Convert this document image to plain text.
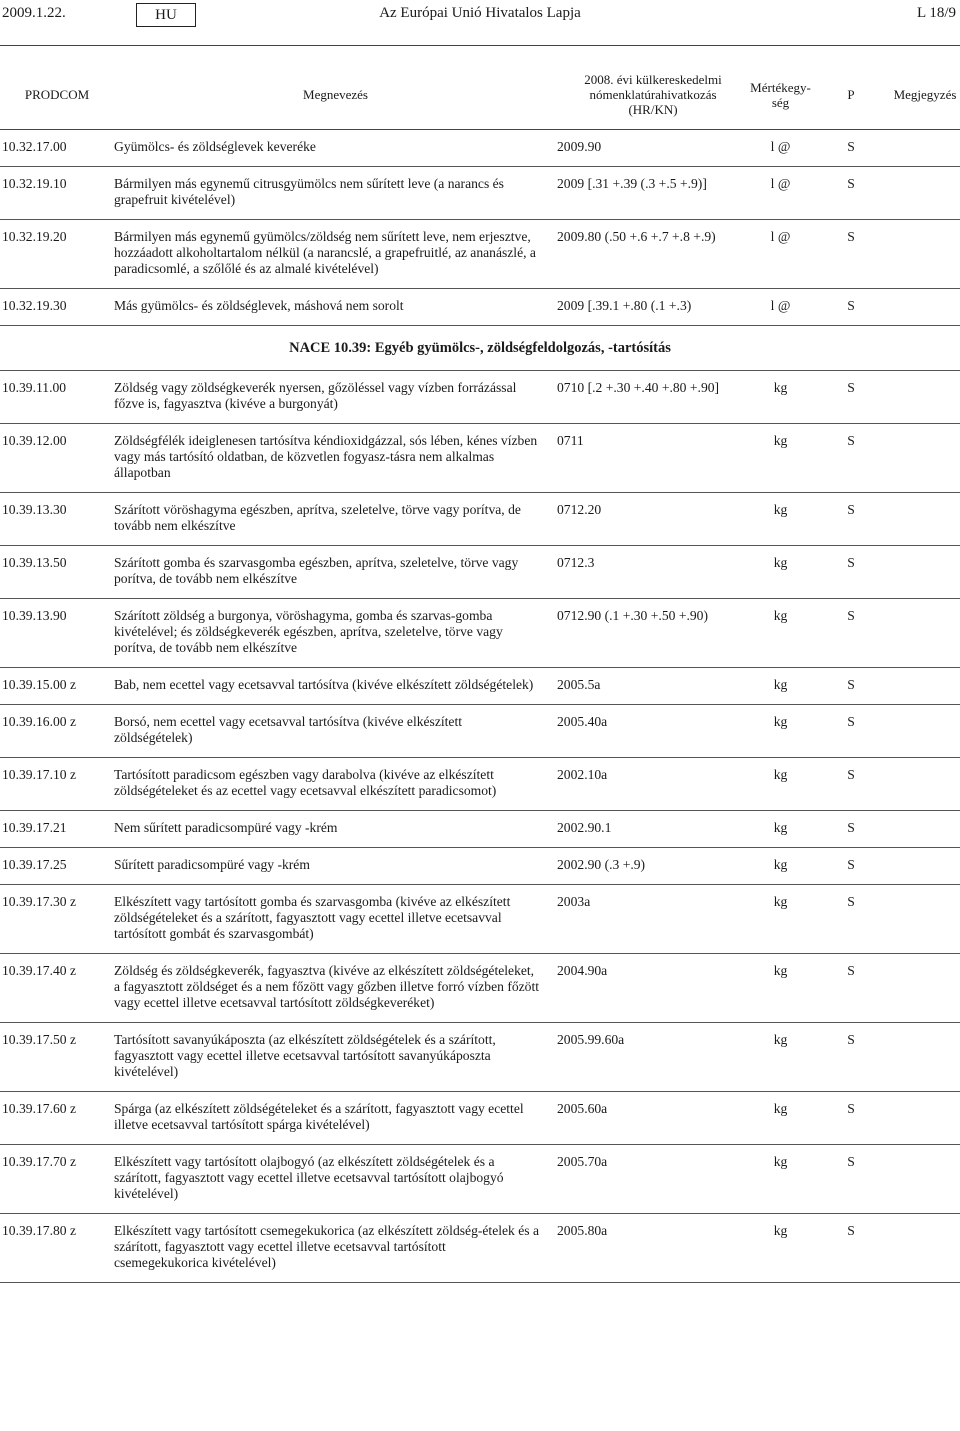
2009.1.22.	HU	Az Európai Unió Hivatalos Lapja	L 18/9
PRODCOM	Megnevezés	2008. évi külkereskedelmi nómenklatúrahivatkozás (HR/KN)	Mértékegy-ség	P	Megjegyzés
10.32.17.00	Gyümölcs- és zöldséglevek keveréke	2009.90	l @	S	
10.32.19.10	Bármilyen más egynemű citrusgyümölcs nem sűrített leve (a narancs és grapefruit kivételével)	2009 [.31 +.39 (.3 +.5 +.9)]	l @	S	
10.32.19.20	Bármilyen más egynemű gyümölcs/zöldség nem sűrített leve, nem erjesztve, hozzáadott alkoholtartalom nélkül (a narancslé, a grapefruitlé, az ananászlé, a paradicsomlé, a szőlőlé és az almalé kivételével)	2009.80 (.50 +.6 +.7 +.8 +.9)	l @	S	
10.32.19.30	Más gyümölcs- és zöldséglevek, máshová nem sorolt	2009 [.39.1 +.80 (.1 +.3)	l @	S	
NACE 10.39: Egyéb gyümölcs-, zöldségfeldolgozás, -tartósítás					
10.39.11.00	Zöldség vagy zöldségkeverék nyersen, gőzöléssel vagy vízben forrázással főzve is, fagyasztva (kivéve a burgonyát)	0710 [.2 +.30 +.40 +.80 +.90]	kg	S	
10.39.12.00	Zöldségfélék ideiglenesen tartósítva kéndioxidgázzal, sós lében, kénes vízben vagy más tartósító oldatban, de közvetlen fogyasz-tásra nem alkalmas állapotban	0711	kg	S	
10.39.13.30	Szárított vöröshagyma egészben, aprítva, szeletelve, törve vagy porítva, de tovább nem elkészítve	0712.20	kg	S	
10.39.13.50	Szárított gomba és szarvasgomba egészben, aprítva, szeletelve, törve vagy porítva, de tovább nem elkészítve	0712.3	kg	S	
10.39.13.90	Szárított zöldség a burgonya, vöröshagyma, gomba és szarvas-gomba kivételével; és zöldségkeverék egészben, aprítva, szeletelve, törve vagy porítva, de tovább nem elkészítve	0712.90 (.1 +.30 +.50 +.90)	kg	S	
10.39.15.00 z	Bab, nem ecettel vagy ecetsavval tartósítva (kivéve elkészített zöldségételek)	2005.5a	kg	S	
10.39.16.00 z	Borsó, nem ecettel vagy ecetsavval tartósítva (kivéve elkészített zöldségételek)	2005.40a	kg	S	
10.39.17.10 z	Tartósított paradicsom egészben vagy darabolva (kivéve az elkészített zöldségételeket és az ecettel vagy ecetsavval elkészített paradicsomot)	2002.10a	kg	S	
10.39.17.21	Nem sűrített paradicsompüré vagy -krém	2002.90.1	kg	S	
10.39.17.25	Sűrített paradicsompüré vagy -krém	2002.90 (.3 +.9)	kg	S	
10.39.17.30 z	Elkészített vagy tartósított gomba és szarvasgomba (kivéve az elkészített zöldségételeket és a szárított, fagyasztott vagy ecettel illetve ecetsavval tartósított gombát és szarvasgombát)	2003a	kg	S	
10.39.17.40 z	Zöldség és zöldségkeverék, fagyasztva (kivéve az elkészített zöldségételeket, a fagyasztott zöldséget és a nem főzött vagy gőzben illetve forró vízben főzött vagy ecettel illetve ecetsavval tartósított zöldségkeveréket)	2004.90a	kg	S	
10.39.17.50 z	Tartósított savanyúkáposzta (az elkészített zöldségételek és a szárított, fagyasztott vagy ecettel illetve ecetsavval tartósított savanyúkáposzta kivételével)	2005.99.60a	kg	S	
10.39.17.60 z	Spárga (az elkészített zöldségételeket és a szárított, fagyasztott vagy ecettel illetve ecetsavval tartósított spárga kivételével)	2005.60a	kg	S	
10.39.17.70 z	Elkészített vagy tartósított olajbogyó (az elkészített zöldségételek és a szárított, fagyasztott vagy ecettel illetve ecetsavval tartósított olajbogyó kivételével)	2005.70a	kg	S	
10.39.17.80 z	Elkészített vagy tartósított csemegekukorica (az elkészített zöldség-ételek és a szárított, fagyasztott vagy ecettel illetve ecetsavval tartósított csemegekukorica kivételével)	2005.80a	kg	S	
